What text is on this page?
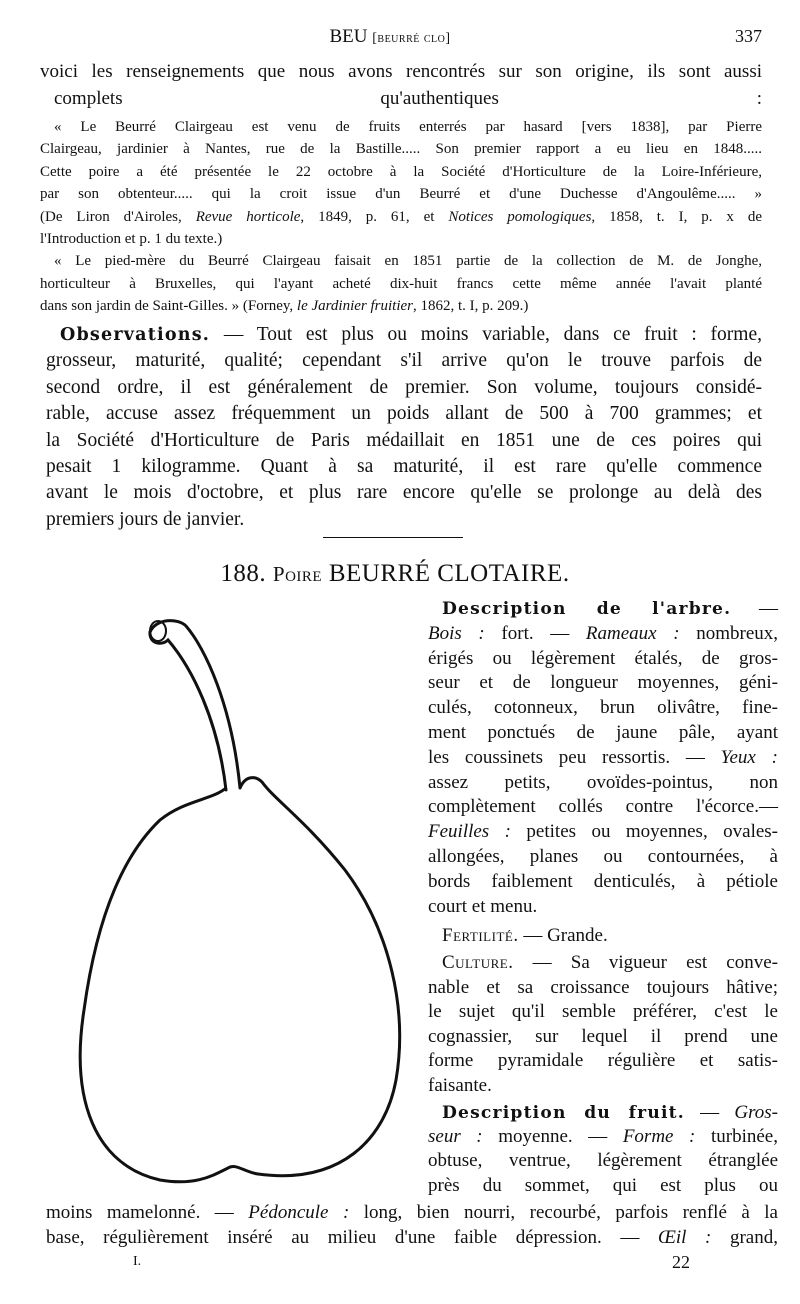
BEU [beurré clo]	337
voici les renseignements que nous avons rencontrés sur son origine, ils sont aussi
complets qu'authentiques :
« Le Beurré Clairgeau est venu de fruits enterrés par hasard [vers 1838], par Pierre
Clairgeau, jardinier à Nantes, rue de la Bastille..... Son premier rapport a eu lieu en 1848.....
Cette poire a été présentée le 22 octobre à la Société d'Horticulture de la Loire-Inférieure,
par son obtenteur..... qui la croit issue d'un Beurré et d'une Duchesse d'Angoulême..... »
(De Liron d'Airoles, Revue horticole, 1849, p. 61, et Notices pomologiques, 1858, t. I, p. x de
l'Introduction et p. 1 du texte.)
« Le pied-mère du Beurré Clairgeau faisait en 1851 partie de la collection de M. de Jonghe,
horticulteur à Bruxelles, qui l'ayant acheté dix-huit francs cette même année l'avait planté
dans son jardin de Saint-Gilles. » (Forney, le Jardinier fruitier, 1862, t. I, p. 209.)
Observations. — Tout est plus ou moins variable, dans ce fruit : forme,
grosseur, maturité, qualité; cependant s'il arrive qu'on le trouve parfois de
second ordre, il est généralement de premier. Son volume, toujours considé-
rable, accuse assez fréquemment un poids allant de 500 à 700 grammes; et
la Société d'Horticulture de Paris médaillait en 1851 une de ces poires qui
pesait 1 kilogramme. Quant à sa maturité, il est rare qu'elle commence
avant le mois d'octobre, et plus rare encore qu'elle se prolonge au delà des
premiers jours de janvier.
188. Poire BEURRÉ CLOTAIRE.
Description de l'arbre. —
Bois : fort. — Rameaux : nombreux,
érigés ou légèrement étalés, de gros-
seur et de longueur moyennes, géni-
culés, cotonneux, brun olivâtre, fine-
ment ponctués de jaune pâle, ayant
les coussinets peu ressortis. — Yeux :
assez petits, ovoïdes-pointus, non
complètement collés contre l'écorce.—
Feuilles : petites ou moyennes, ovales-
allongées, planes ou contournées, à
bords faiblement denticulés, à pétiole
court et menu.
Fertilité. — Grande.
Culture. — Sa vigueur est conve-
nable et sa croissance toujours hâtive;
le sujet qu'il semble préférer, c'est le
cognassier, sur lequel il prend une
forme pyramidale régulière et satis-
faisante.
Description du fruit. — Gros-
seur : moyenne. — Forme : turbinée,
obtuse, ventrue, légèrement étranglée
près du sommet, qui est plus ou
moins mamelonné. — Pédoncule : long, bien nourri, recourbé, parfois renflé à la
base, régulièrement inséré au milieu d'une faible dépression. — Œil : grand,
I.	22
